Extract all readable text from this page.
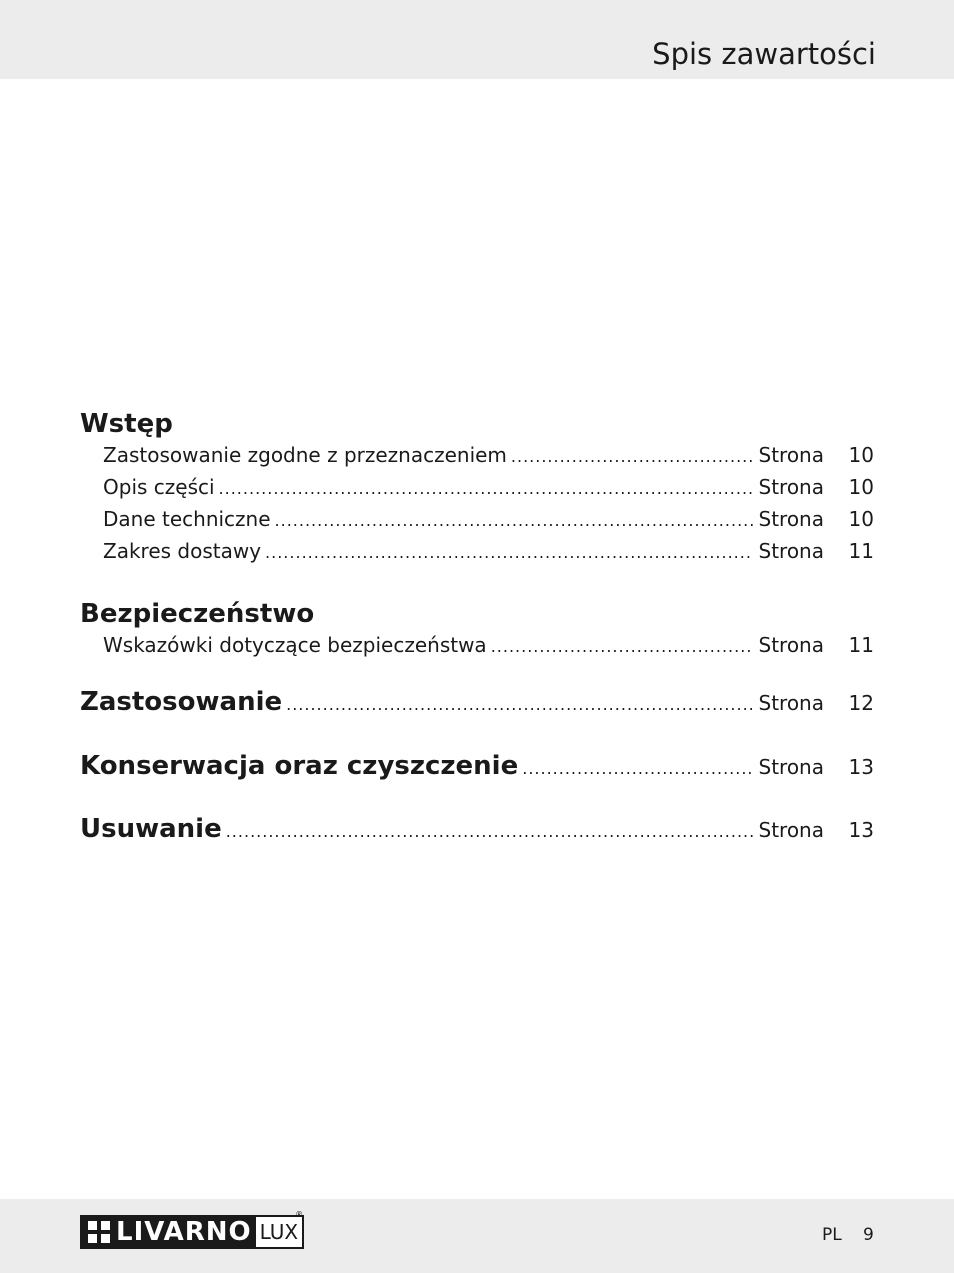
Spis zawartości
Wstęp
Zastosowanie zgodne z przeznaczeniem .....	Strona	10
Opis części .....	Strona	10
Dane techniczne .....	Strona	10
Zakres dostawy .....	Strona	11
Bezpieczeństwo
Wskazówki dotyczące bezpieczeństwa .....	Strona	11
Zastosowanie .....	Strona	12
Konserwacja oraz czyszczenie .....	Strona	13
Usuwanie .....	Strona	13
LIVARNO LUX
®
PL 9
